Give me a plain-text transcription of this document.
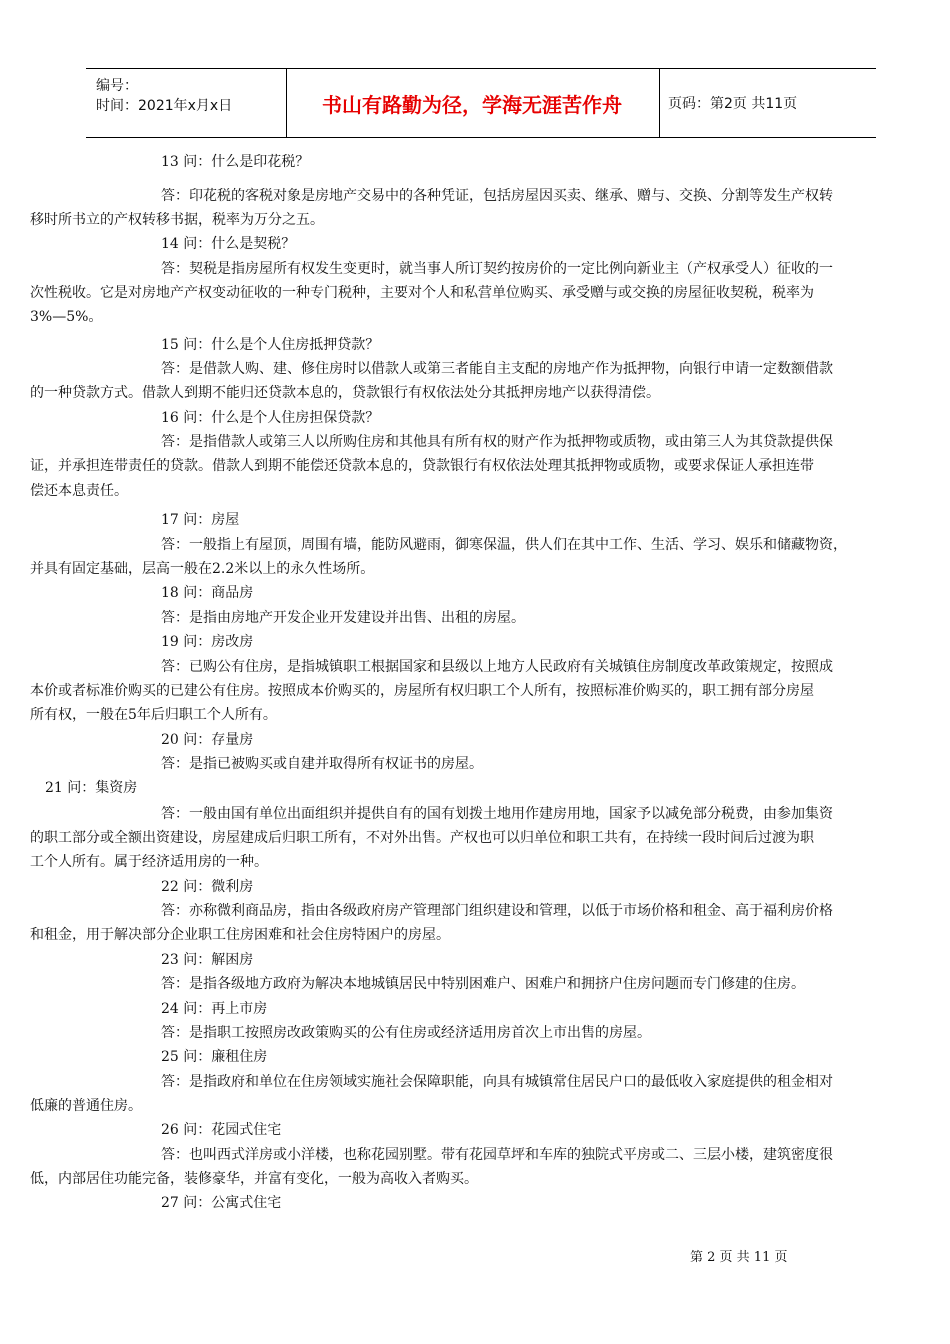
编号：
时间：2021年x月x日	书山有路勤为径，学海无涯苦作舟	页码：第2页 共11页
13 问：什么是印花税？
答：印花税的客税对象是房地产交易中的各种凭证，包括房屋因买卖、继承、赠与、交换、分割等发生产权转
移时所书立的产权转移书据，税率为万分之五。
14 问：什么是契税？
答：契税是指房屋所有权发生变更时，就当事人所订契约按房价的一定比例向新业主（产权承受人）征收的一
次性税收。它是对房地产产权变动征收的一种专门税种，主要对个人和私营单位购买、承受赠与或交换的房屋征收契税，税率为
3%—5%。
15 问：什么是个人住房抵押贷款？
答：是借款人购、建、修住房时以借款人或第三者能自主支配的房地产作为抵押物，向银行申请一定数额借款
的一种贷款方式。借款人到期不能归还贷款本息的，贷款银行有权依法处分其抵押房地产以获得清偿。
16 问：什么是个人住房担保贷款？
答：是指借款人或第三人以所购住房和其他具有所有权的财产作为抵押物或质物，或由第三人为其贷款提供保
证，并承担连带责任的贷款。借款人到期不能偿还贷款本息的，贷款银行有权依法处理其抵押物或质物，或要求保证人承担连带
偿还本息责任。
17 问：房屋
答：一般指上有屋顶，周围有墙，能防风避雨，御寒保温，供人们在其中工作、生活、学习、娱乐和储藏物资，
并具有固定基础，层高一般在2.2米以上的永久性场所。
18 问：商品房
答：是指由房地产开发企业开发建设并出售、出租的房屋。
19 问：房改房
答：已购公有住房，是指城镇职工根据国家和县级以上地方人民政府有关城镇住房制度改革政策规定，按照成
本价或者标准价购买的已建公有住房。按照成本价购买的，房屋所有权归职工个人所有，按照标准价购买的，职工拥有部分房屋
所有权，一般在5年后归职工个人所有。
20 问：存量房
答：是指已被购买或自建并取得所有权证书的房屋。
21 问：集资房
答：一般由国有单位出面组织并提供自有的国有划拨土地用作建房用地，国家予以减免部分税费，由参加集资
的职工部分或全额出资建设，房屋建成后归职工所有，不对外出售。产权也可以归单位和职工共有，在持续一段时间后过渡为职
工个人所有。属于经济适用房的一种。
22 问：微利房
答：亦称微利商品房，指由各级政府房产管理部门组织建设和管理，以低于市场价格和租金、高于福利房价格
和租金，用于解决部分企业职工住房困难和社会住房特困户的房屋。
23 问：解困房
答：是指各级地方政府为解决本地城镇居民中特别困难户、困难户和拥挤户住房问题而专门修建的住房。
24 问：再上市房
答：是指职工按照房改政策购买的公有住房或经济适用房首次上市出售的房屋。
25 问：廉租住房
答：是指政府和单位在住房领域实施社会保障职能，向具有城镇常住居民户口的最低收入家庭提供的租金相对
低廉的普通住房。
26 问：花园式住宅
答：也叫西式洋房或小洋楼，也称花园别墅。带有花园草坪和车库的独院式平房或二、三层小楼，建筑密度很
低，内部居住功能完备，装修豪华，并富有变化，一般为高收入者购买。
27 问：公寓式住宅
第 2 页 共 11 页
